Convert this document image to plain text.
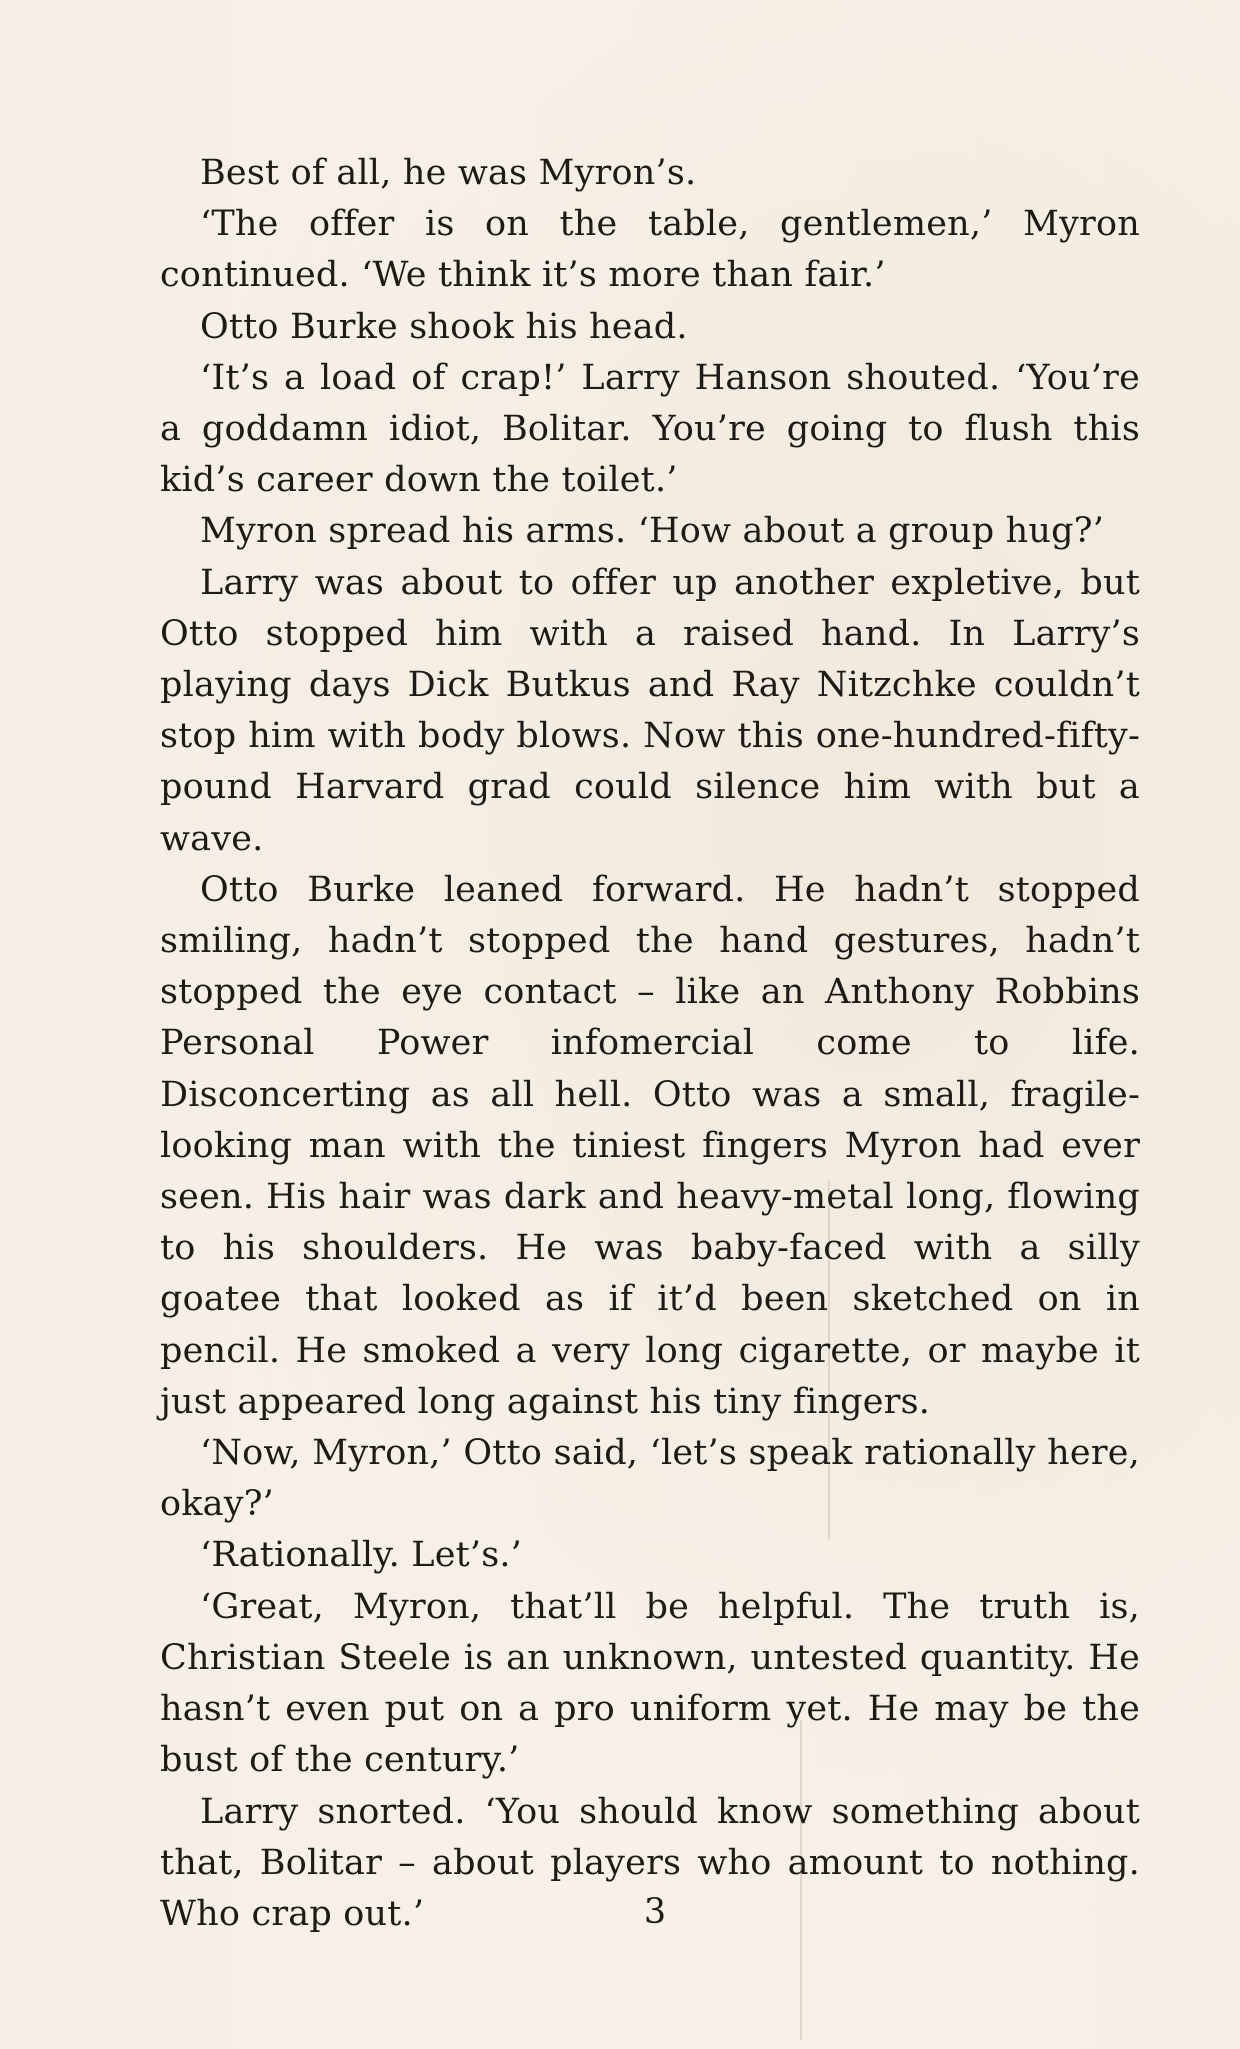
Best of all, he was Myron’s.

‘The offer is on the table, gentlemen,’ Myron continued. ‘We think it’s more than fair.’

Otto Burke shook his head.

‘It’s a load of crap!’ Larry Hanson shouted. ‘You’re a goddamn idiot, Bolitar. You’re going to flush this kid’s career down the toilet.’

Myron spread his arms. ‘How about a group hug?’

Larry was about to offer up another expletive, but Otto stopped him with a raised hand. In Larry’s playing days Dick Butkus and Ray Nitzchke couldn’t stop him with body blows. Now this one-hundred-fifty-pound Harvard grad could silence him with but a wave.

Otto Burke leaned forward. He hadn’t stopped smiling, hadn’t stopped the hand gestures, hadn’t stopped the eye contact – like an Anthony Robbins Personal Power infomercial come to life. Disconcerting as all hell. Otto was a small, fragile-looking man with the tiniest fingers Myron had ever seen. His hair was dark and heavy-metal long, flowing to his shoulders. He was baby-faced with a silly goatee that looked as if it’d been sketched on in pencil. He smoked a very long cigarette, or maybe it just appeared long against his tiny fingers.

‘Now, Myron,’ Otto said, ‘let’s speak rationally here, okay?’

‘Rationally. Let’s.’

‘Great, Myron, that’ll be helpful. The truth is, Christian Steele is an unknown, untested quantity. He hasn’t even put on a pro uniform yet. He may be the bust of the century.’

Larry snorted. ‘You should know something about that, Bolitar – about players who amount to nothing. Who crap out.’	3
